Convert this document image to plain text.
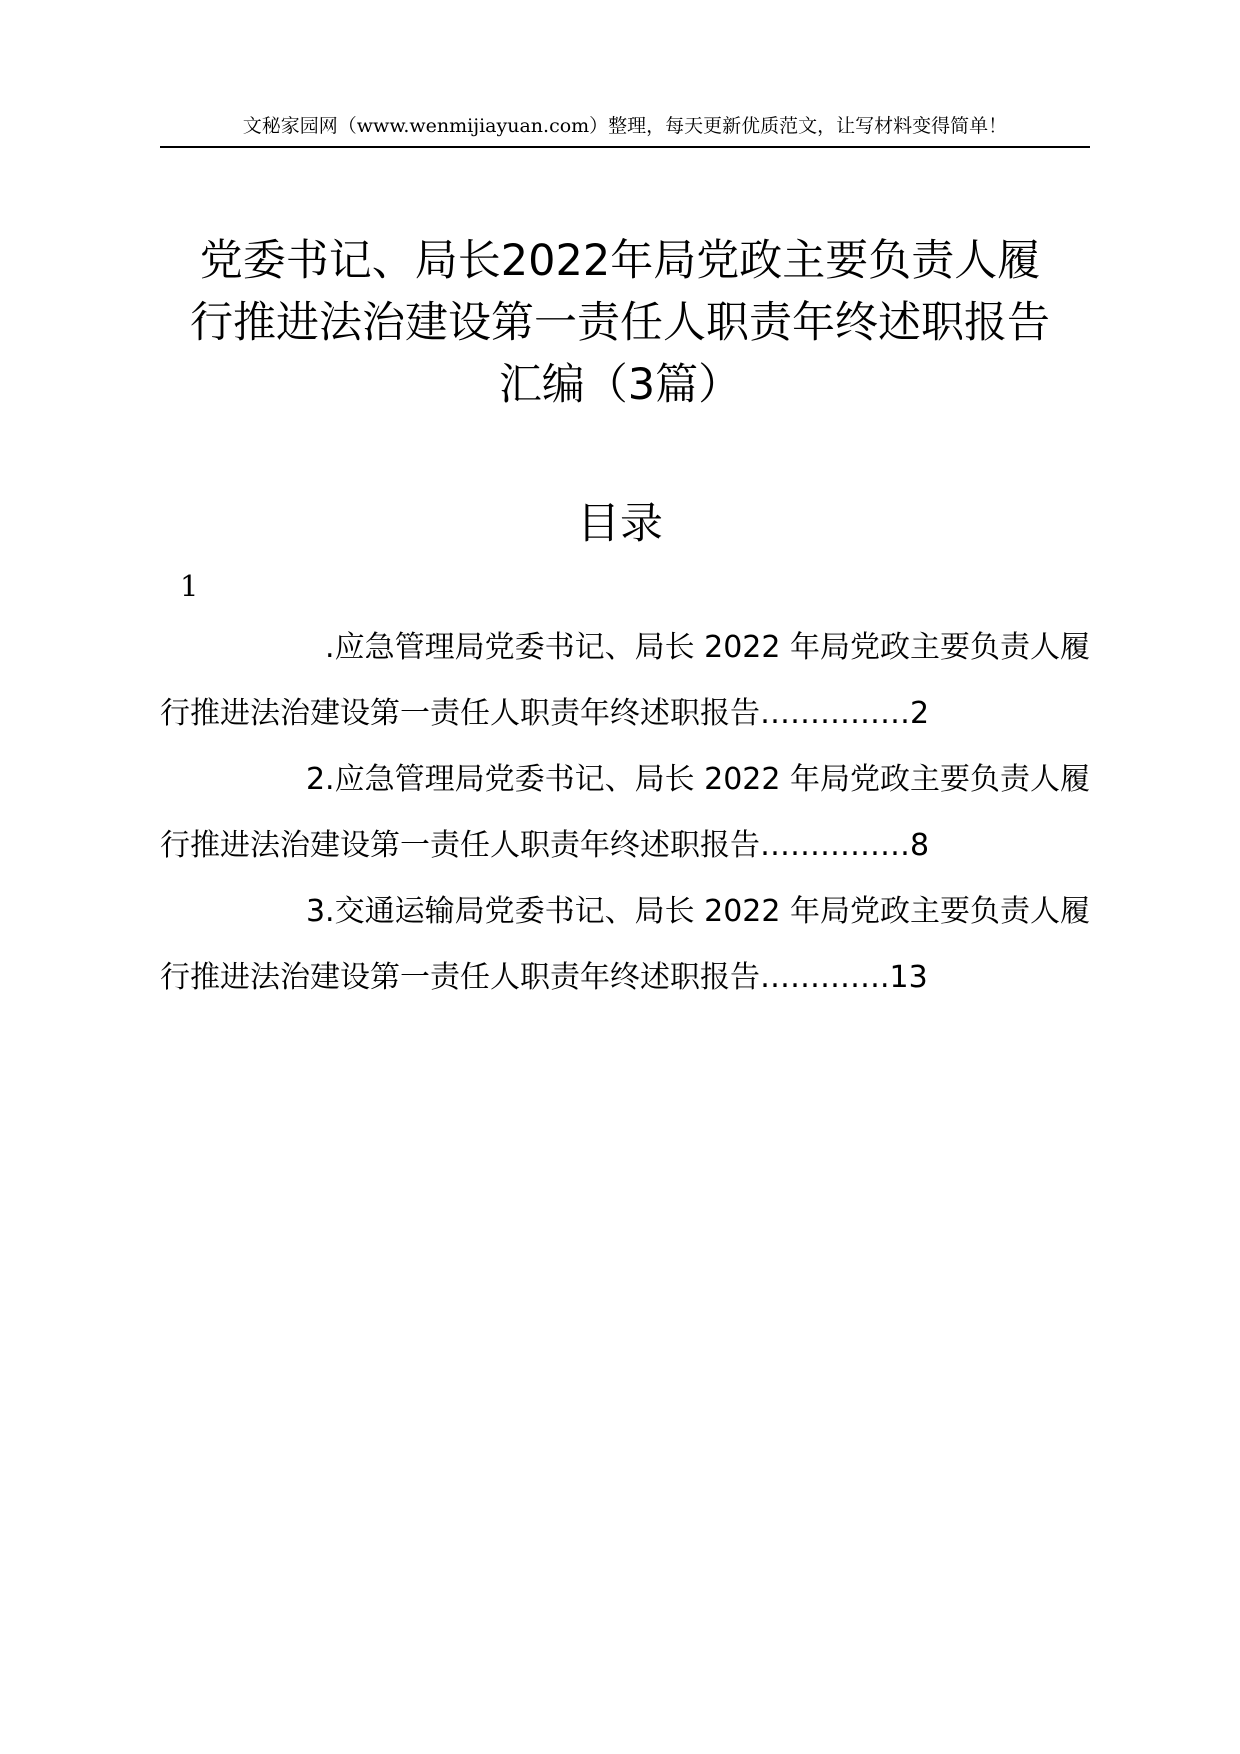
文秘家园网（www.wenmijiayuan.com）整理，每天更新优质范文，让写材料变得简单！
党委书记、局长2022年局党政主要负责人履
行推进法治建设第一责任人职责年终述职报告
汇编（3篇）
目录
1
.应急管理局党委书记、局长 2022 年局党政主要负责人履
行推进法治建设第一责任人职责年终述职报告……………2
2.应急管理局党委书记、局长 2022 年局党政主要负责人履
行推进法治建设第一责任人职责年终述职报告……………8
3.交通运输局党委书记、局长 2022 年局党政主要负责人履
行推进法治建设第一责任人职责年终述职报告………….13
